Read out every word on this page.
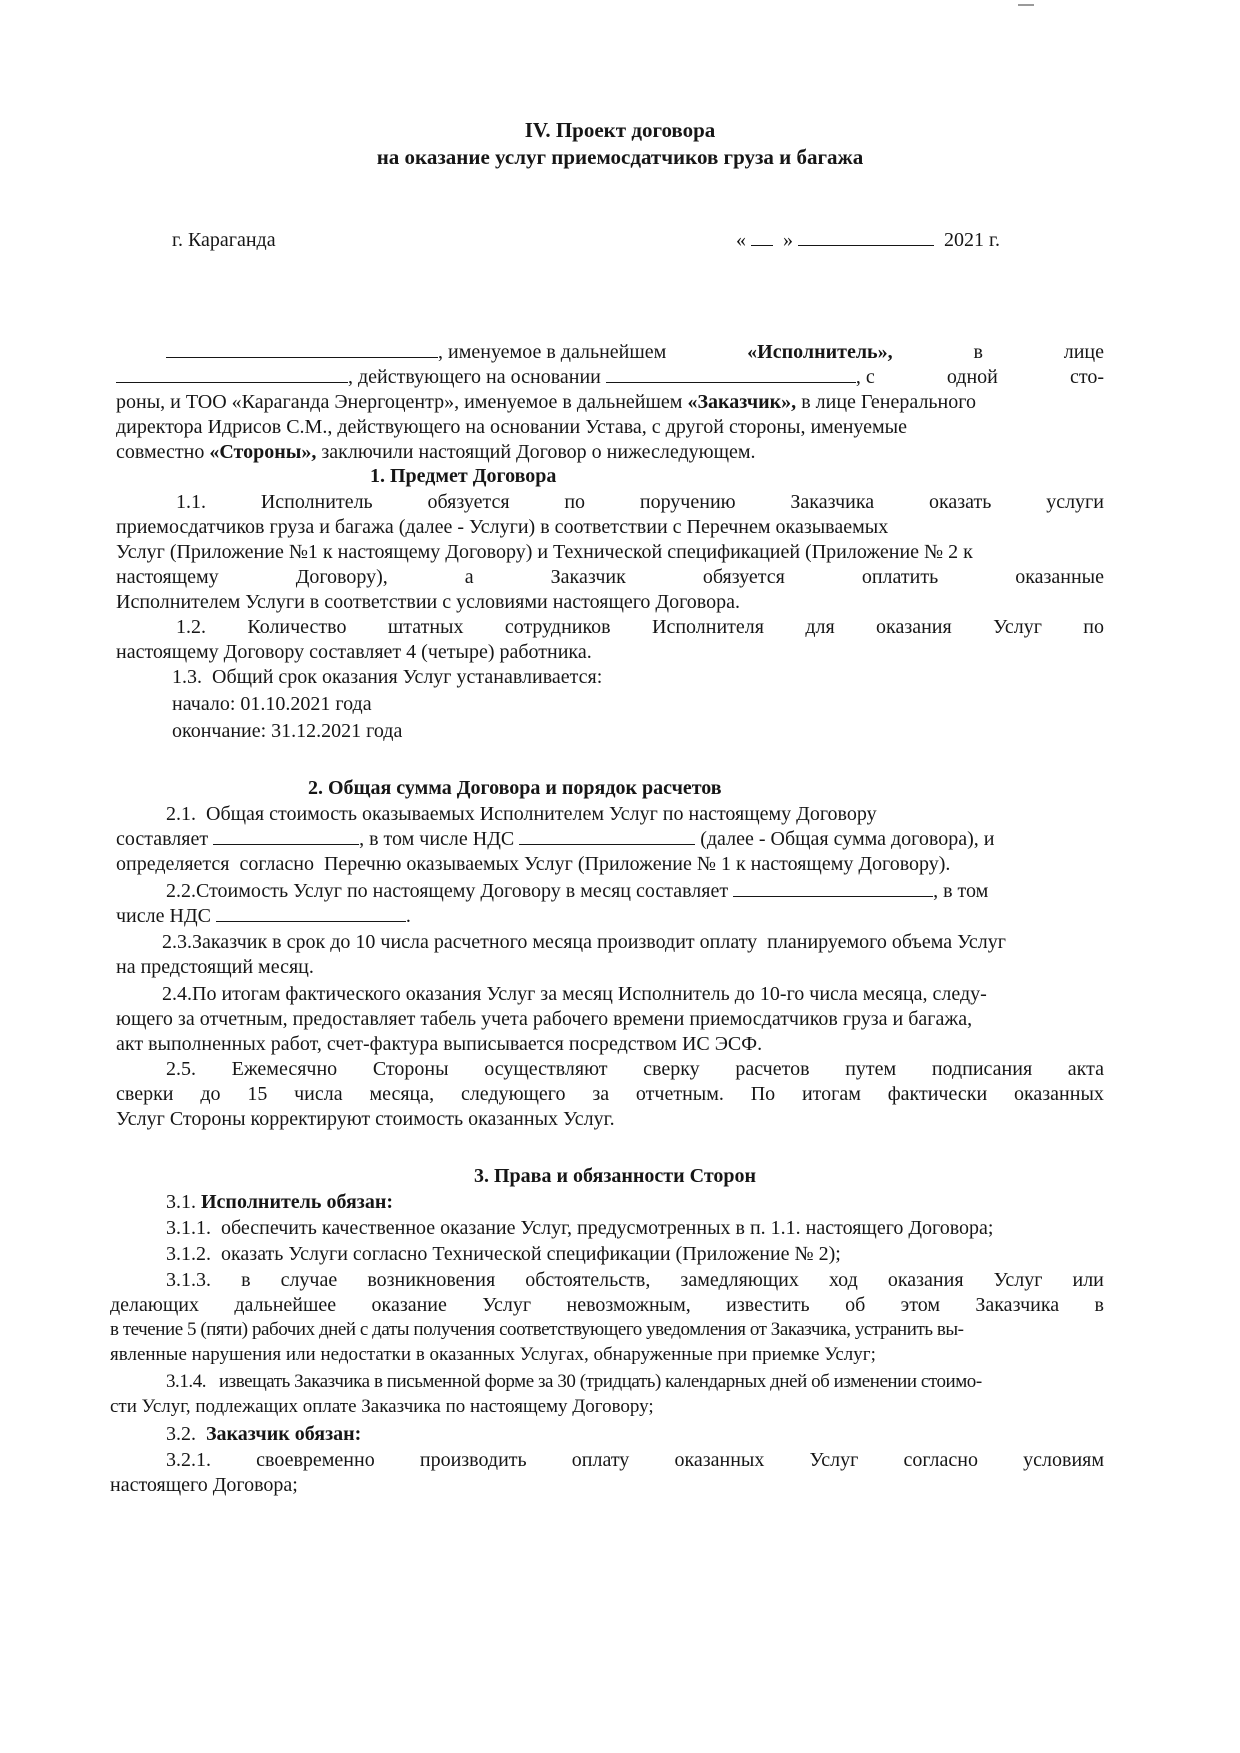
IV. Проект договора
на оказание услуг приемосдатчиков груза и багажа
г. Караганда	« »	2021 г.
, именуемое в дальнейшем	«Исполнитель»,	в	лице
, действующего на основании	, с	одной	сто-
роны, и ТОО «Караганда Энергоцентр», именуемое в дальнейшем «Заказчик», в лице Генерального
директора Идрисов С.М., действующего на основании Устава, с другой стороны, именуемые
совместно «Стороны», заключили настоящий Договор о нижеследующем.
1. Предмет Договора
1.1.	Исполнитель	обязуется	по	поручению	Заказчика	оказать	услуги
приемосдатчиков груза и багажа (далее - Услуги) в соответствии с Перечнем оказываемых
Услуг (Приложение №1 к настоящему Договору) и Технической спецификацией (Приложение № 2 к
настоящему	Договору),	а	Заказчик	обязуется	оплатить	оказанные
Исполнителем Услуги в соответствии с условиями настоящего Договора.
1.2. Количество штатных сотрудников Исполнителя для оказания Услуг по
настоящему Договору составляет 4 (четыре) работника.
1.3.  Общий срок оказания Услуг устанавливается:
начало: 01.10.2021 года
окончание: 31.12.2021 года
2. Общая сумма Договора и порядок расчетов
2.1.  Общая стоимость оказываемых Исполнителем Услуг по настоящему Договору
составляет	, в том числе НДС	(далее - Общая сумма договора), и
определяется  согласно  Перечню оказываемых Услуг (Приложение № 1 к настоящему Договору).
2.2.Стоимость Услуг по настоящему Договору в месяц составляет	, в том
числе НДС	.
2.3.Заказчик в срок до 10 числа расчетного месяца производит оплату  планируемого объема Услуг
на предстоящий месяц.
2.4.По итогам фактического оказания Услуг за месяц Исполнитель до 10-го числа месяца, следу-
ющего за отчетным, предоставляет табель учета рабочего времени приемосдатчиков груза и багажа,
акт выполненных работ, счет-фактура выписывается посредством ИС ЭСФ.
2.5. Ежемесячно Стороны осуществляют сверку расчетов путем подписания акта
сверки до 15 числа месяца, следующего за отчетным. По итогам фактически оказанных
Услуг Стороны корректируют стоимость оказанных Услуг.
3. Права и обязанности Сторон
3.1. Исполнитель обязан:
3.1.1.  обеспечить качественное оказание Услуг, предусмотренных в п. 1.1. настоящего Договора;
3.1.2.  оказать Услуги согласно Технической спецификации (Приложение № 2);
3.1.3. в случае возникновения обстоятельств, замедляющих ход оказания Услуг или
делающих дальнейшее оказание Услуг невозможным, известить об этом Заказчика в
в течение 5 (пяти) рабочих дней с даты получения соответствующего уведомления от Заказчика, устранить вы-
явленные нарушения или недостатки в оказанных Услугах, обнаруженные при приемке Услуг;
3.1.4.   извещать Заказчика в письменной форме за 30 (тридцать) календарных дней об изменении стоимо-
сти Услуг, подлежащих оплате Заказчика по настоящему Договору;
3.2.  Заказчик обязан:
3.2.1. своевременно производить оплату оказанных Услуг согласно условиям
настоящего Договора;
